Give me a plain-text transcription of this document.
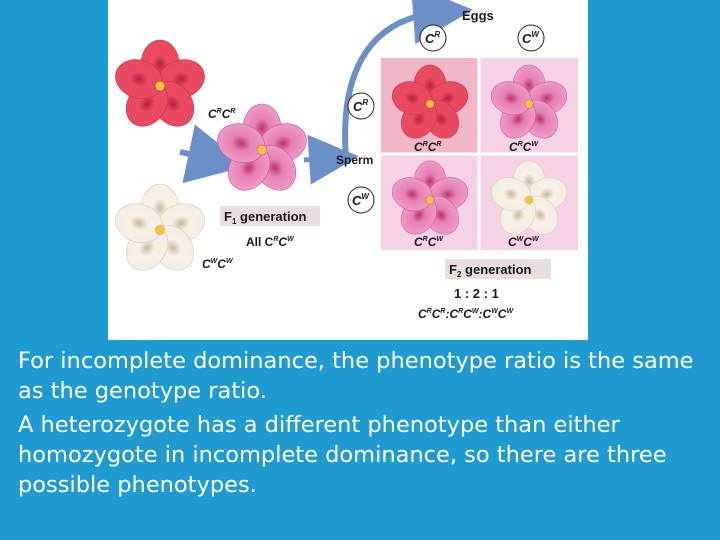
Eggs
$C^R$	$C^W$
$C^R$
Sperm
$C^W$
$C^RC^R$
$C^WC^W$
$F_1$ generation
All $C^RC^W$
$C^RC^R$	$C^RC^W$
$C^RC^W$	$C^WC^W$
$F_2$ generation
1 : 2 : 1
$C^RC^R:C^RC^W:C^WC^W$

For incomplete dominance, the phenotype ratio is the same as the genotype ratio.

A heterozygote has a different phenotype than either homozygote in incomplete dominance, so there are three possible phenotypes.
